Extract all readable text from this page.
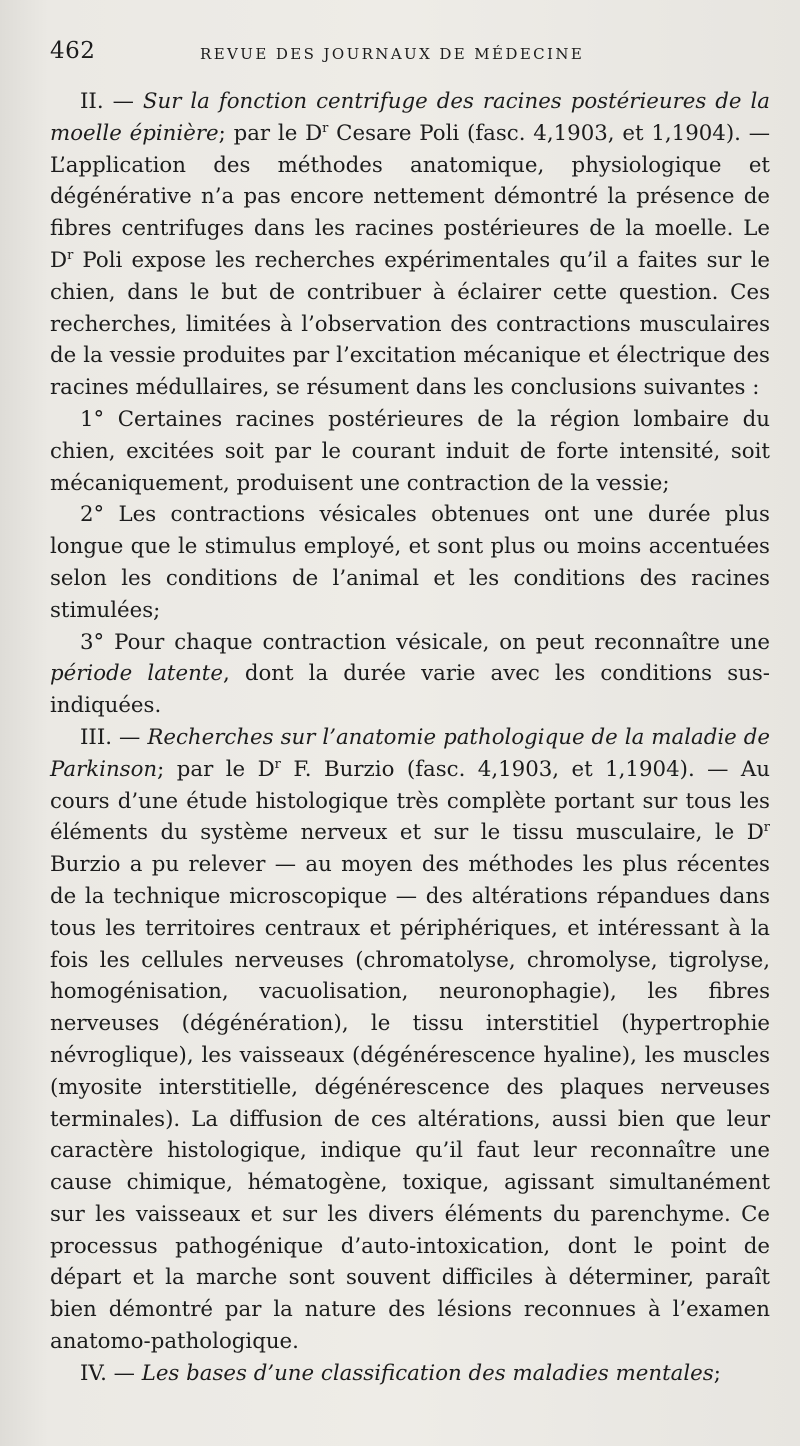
462	REVUE DES JOURNAUX DE MÉDECINE

II. — Sur la fonction centrifuge des racines postérieures de la moelle épinière; par le $D^r$ Cesare Poli (fasc. 4,1903, et 1,1904). — L’application des méthodes anatomique, physiologique et dégénérative n’a pas encore nettement démontré la présence de fibres centrifuges dans les racines postérieures de la moelle. Le $D^r$ Poli expose les recherches expérimentales qu’il a faites sur le chien, dans le but de contribuer à éclairer cette question. Ces recherches, limitées à l’observation des contractions musculaires de la vessie produites par l’excitation mécanique et électrique des racines médullaires, se résument dans les conclusions suivantes :

1° Certaines racines postérieures de la région lombaire du chien, excitées soit par le courant induit de forte intensité, soit mécaniquement, produisent une contraction de la vessie;

2° Les contractions vésicales obtenues ont une durée plus longue que le stimulus employé, et sont plus ou moins accentuées selon les conditions de l’animal et les conditions des racines stimulées;

3° Pour chaque contraction vésicale, on peut reconnaître une période latente, dont la durée varie avec les conditions sus-indiquées.

III. — Recherches sur l’anatomie pathologique de la maladie de Parkinson; par le $D^r$ F. Burzio (fasc. 4,1903, et 1,1904). — Au cours d’une étude histologique très complète portant sur tous les éléments du système nerveux et sur le tissu musculaire, le $D^r$ Burzio a pu relever — au moyen des méthodes les plus récentes de la technique microscopique — des altérations répandues dans tous les territoires centraux et périphériques, et intéressant à la fois les cellules nerveuses (chromatolyse, chromolyse, tigrolyse, homogénisation, vacuolisation, neuronophagie), les fibres nerveuses (dégénération), le tissu interstitiel (hypertrophie névroglique), les vaisseaux (dégénérescence hyaline), les muscles (myosite interstitielle, dégénérescence des plaques nerveuses terminales). La diffusion de ces altérations, aussi bien que leur caractère histologique, indique qu’il faut leur reconnaître une cause chimique, hématogène, toxique, agissant simultanément sur les vaisseaux et sur les divers éléments du parenchyme. Ce processus pathogénique d’auto-intoxication, dont le point de départ et la marche sont souvent difficiles à déterminer, paraît bien démontré par la nature des lésions reconnues à l’examen anatomo-pathologique.

IV. — Les bases d’une classification des maladies mentales;
